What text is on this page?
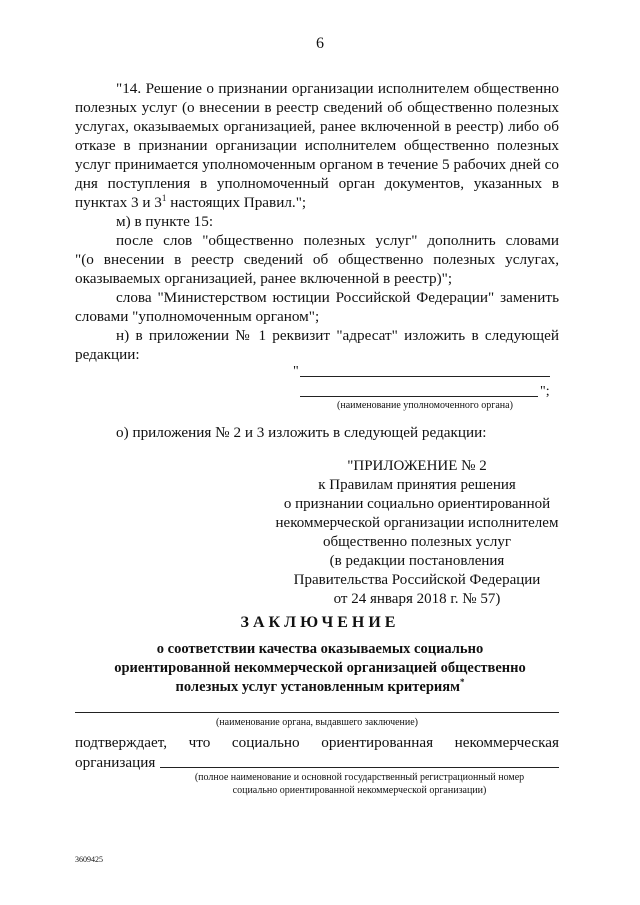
6
"14. Решение о признании организации исполнителем общественно
полезных услуг (о внесении в реестр сведений об общественно полезных
услугах, оказываемых организацией, ранее включенной в реестр) либо об
отказе в признании организации исполнителем общественно полезных
услуг принимается уполномоченным органом в течение 5 рабочих дней со
дня поступления в уполномоченный орган документов, указанных в
пунктах 3 и $3^1$ настоящих Правил.";
м) в пункте 15:
после слов "общественно полезных услуг" дополнить словами
"(о внесении в реестр сведений об общественно полезных услугах,
оказываемых организацией, ранее включенной в реестр)";
слова "Министерством юстиции Российской Федерации" заменить
словами "уполномоченным органом";
н) в приложении № 1 реквизит "адресат" изложить в следующей
редакции:
"
";
(наименование уполномоченного органа)
о) приложения № 2 и 3 изложить в следующей редакции:
"ПРИЛОЖЕНИЕ № 2
к Правилам принятия решения
о признании социально ориентированной
некоммерческой организации исполнителем
общественно полезных услуг
(в редакции постановления
Правительства Российской Федерации
от 24 января 2018 г. № 57)
ЗАКЛЮЧЕНИЕ
о соответствии качества оказываемых социально
ориентированной некоммерческой организацией общественно
полезных услуг установленным критериям*
(наименование органа, выдавшего заключение)
подтверждает, что социально ориентированная некоммерческая
организация
(полное наименование и основной государственный регистрационный номер
социально ориентированной некоммерческой организации)
3609425
